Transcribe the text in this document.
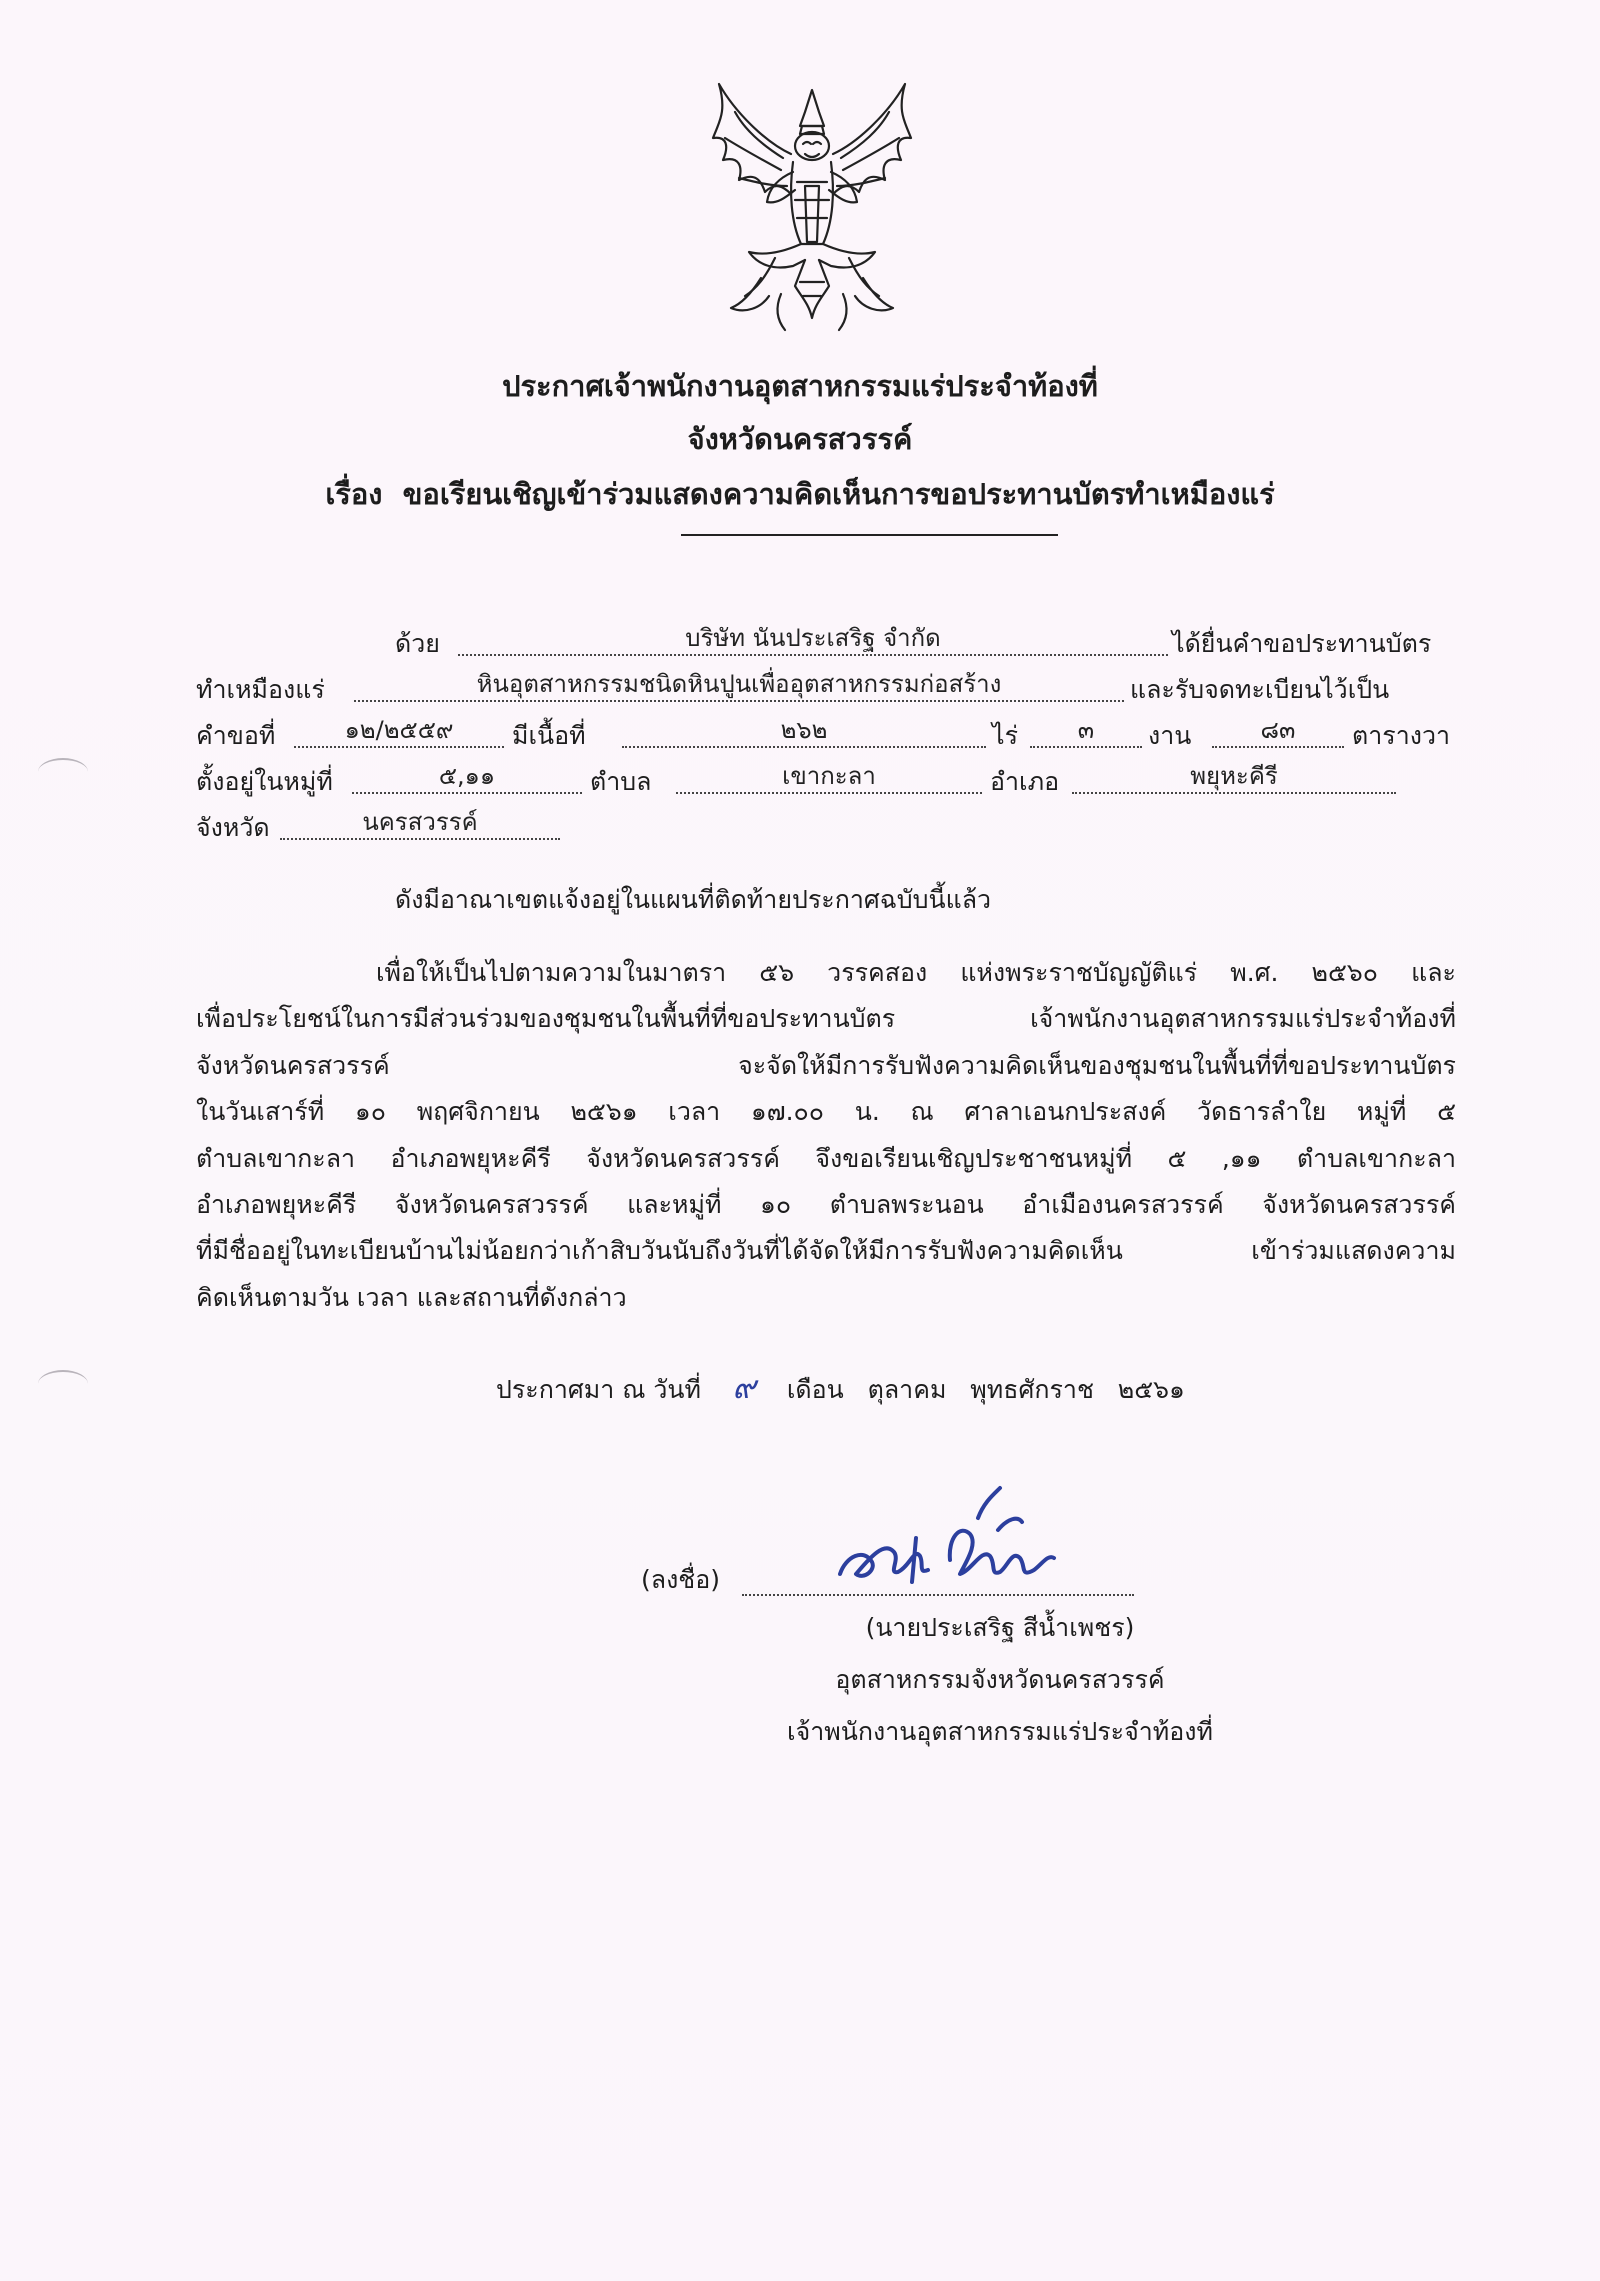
ประกาศเจ้าพนักงานอุตสาหกรรมแร่ประจำท้องที่
จังหวัดนครสวรรค์
เรื่อง ขอเรียนเชิญเข้าร่วมแสดงความคิดเห็นการขอประทานบัตรทำเหมืองแร่
ด้วย	บริษัท นันประเสริฐ จำกัด	ได้ยื่นคำขอประทานบัตร
ทำเหมืองแร่	หินอุตสาหกรรมชนิดหินปูนเพื่ออุตสาหกรรมก่อสร้าง	และรับจดทะเบียนไว้เป็น
คำขอที่	๑๒/๒๕๕๙	มีเนื้อที่	๒๖๒	ไร่	๓	งาน	๘๓	ตารางวา
ตั้งอยู่ในหมู่ที่	๕,๑๑	ตำบล	เขากะลา	อำเภอ	พยุหะคีรี
จังหวัด	นครสวรรค์
ดังมีอาณาเขตแจ้งอยู่ในแผนที่ติดท้ายประกาศฉบับนี้แล้ว
เพื่อให้เป็นไปตามความในมาตรา ๕๖ วรรคสอง แห่งพระราชบัญญัติแร่ พ.ศ. ๒๕๖๐ และ
เพื่อประโยชน์ในการมีส่วนร่วมของชุมชนในพื้นที่ที่ขอประทานบัตร เจ้าพนักงานอุตสาหกรรมแร่ประจำท้องที่
จังหวัดนครสวรรค์ จะจัดให้มีการรับฟังความคิดเห็นของชุมชนในพื้นที่ที่ขอประทานบัตร
ในวันเสาร์ที่ ๑๐ พฤศจิกายน ๒๕๖๑ เวลา ๑๗.๐๐ น. ณ ศาลาเอนกประสงค์ วัดธารลำใย หมู่ที่ ๕
ตำบลเขากะลา อำเภอพยุหะคีรี จังหวัดนครสวรรค์ จึงขอเรียนเชิญประชาชนหมู่ที่ ๕ ,๑๑ ตำบลเขากะลา
อำเภอพยุหะคีรี จังหวัดนครสวรรค์ และหมู่ที่ ๑๐ ตำบลพระนอน อำเมืองนครสวรรค์ จังหวัดนครสวรรค์
ที่มีชื่ออยู่ในทะเบียนบ้านไม่น้อยกว่าเก้าสิบวันนับถึงวันที่ได้จัดให้มีการรับฟังความคิดเห็น เข้าร่วมแสดงความ
คิดเห็นตามวัน เวลา และสถานที่ดังกล่าว
ประกาศมา ณ วันที่ ๙ เดือน ตุลาคม พุทธศักราช ๒๕๖๑
(ลงชื่อ)
(นายประเสริฐ สีน้ำเพชร)
อุตสาหกรรมจังหวัดนครสวรรค์
เจ้าพนักงานอุตสาหกรรมแร่ประจำท้องที่
